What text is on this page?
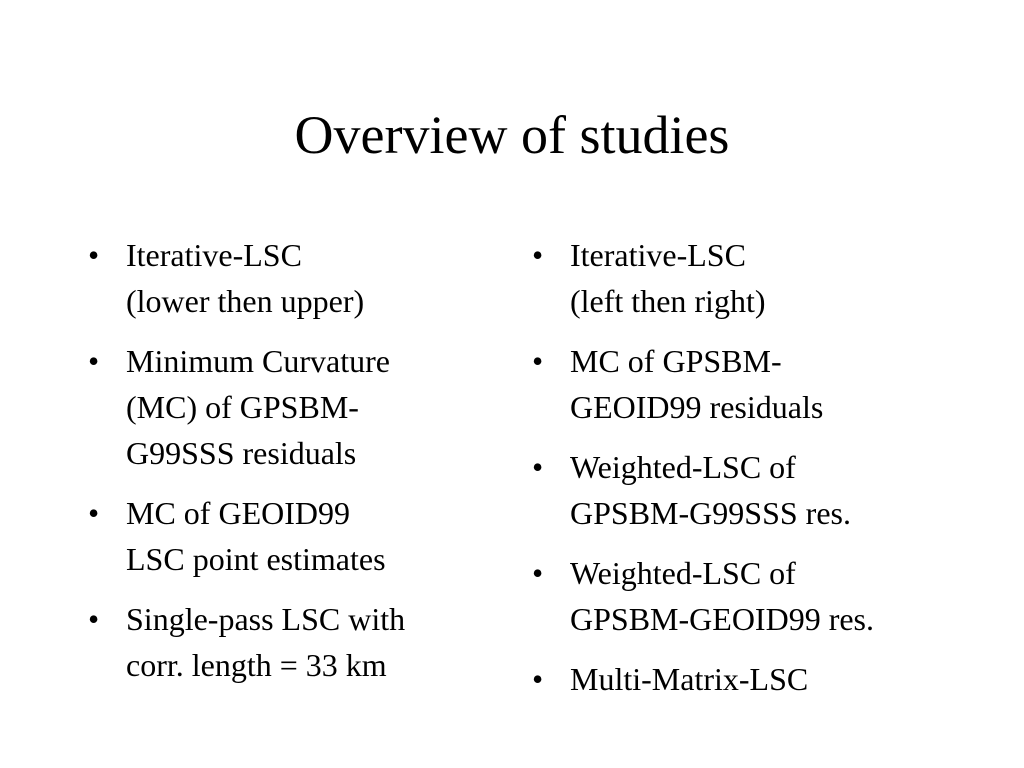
Overview of studies
• Iterative-LSC
(lower then upper)
• Minimum Curvature
(MC) of GPSBM-
G99SSS residuals
• MC of GEOID99
LSC point estimates
• Single-pass LSC with
corr. length = 33 km
• Iterative-LSC
(left then right)
• MC of GPSBM-
GEOID99 residuals
• Weighted-LSC of
GPSBM-G99SSS res.
• Weighted-LSC of
GPSBM-GEOID99 res.
• Multi-Matrix-LSC
